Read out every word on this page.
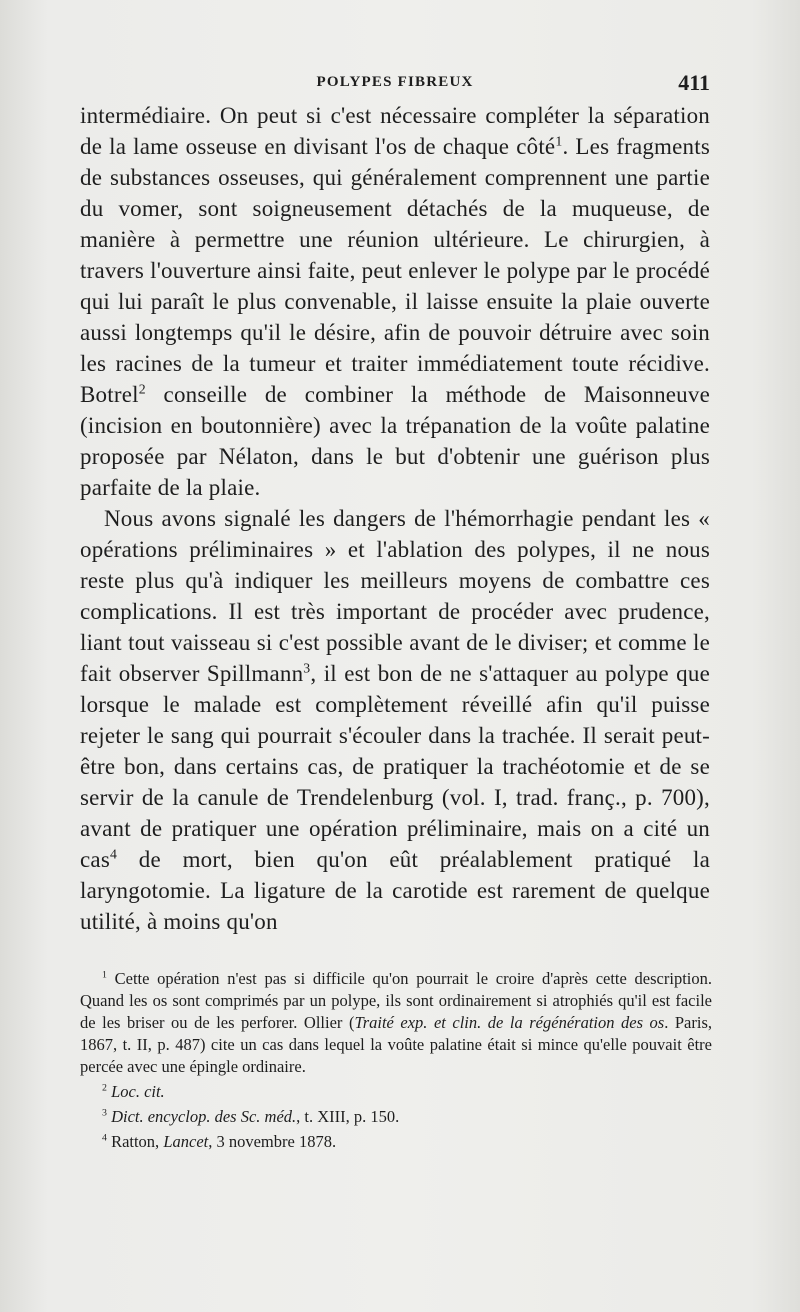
POLYPES FIBREUX	411

intermédiaire. On peut si c'est nécessaire compléter la séparation de la lame osseuse en divisant l'os de chaque côté$^1$. Les fragments de substances osseuses, qui généralement comprennent une partie du vomer, sont soigneusement détachés de la muqueuse, de manière à permettre une réunion ultérieure. Le chirurgien, à travers l'ouverture ainsi faite, peut enlever le polype par le procédé qui lui paraît le plus convenable, il laisse ensuite la plaie ouverte aussi longtemps qu'il le désire, afin de pouvoir détruire avec soin les racines de la tumeur et traiter immédiatement toute récidive. Botrel$^2$ conseille de combiner la méthode de Maisonneuve (incision en boutonnière) avec la trépanation de la voûte palatine proposée par Nélaton, dans le but d'obtenir une guérison plus parfaite de la plaie.

Nous avons signalé les dangers de l'hémorrhagie pendant les « opérations préliminaires » et l'ablation des polypes, il ne nous reste plus qu'à indiquer les meilleurs moyens de combattre ces complications. Il est très important de procéder avec prudence, liant tout vaisseau si c'est possible avant de le diviser; et comme le fait observer Spillmann$^3$, il est bon de ne s'attaquer au polype que lorsque le malade est complètement réveillé afin qu'il puisse rejeter le sang qui pourrait s'écouler dans la trachée. Il serait peut-être bon, dans certains cas, de pratiquer la trachéotomie et de se servir de la canule de Trendelenburg (vol. I, trad. franç., p. 700), avant de pratiquer une opération préliminaire, mais on a cité un cas$^4$ de mort, bien qu'on eût préalablement pratiqué la laryngotomie. La ligature de la carotide est rarement de quelque utilité, à moins qu'on

$^1$ Cette opération n'est pas si difficile qu'on pourrait le croire d'après cette description. Quand les os sont comprimés par un polype, ils sont ordinairement si atrophiés qu'il est facile de les briser ou de les perforer. Ollier (Traité exp. et clin. de la régénération des os. Paris, 1867, t. II, p. 487) cite un cas dans lequel la voûte palatine était si mince qu'elle pouvait être percée avec une épingle ordinaire.

$^2$ Loc. cit.

$^3$ Dict. encyclop. des Sc. méd., t. XIII, p. 150.

$^4$ Ratton, Lancet, 3 novembre 1878.
